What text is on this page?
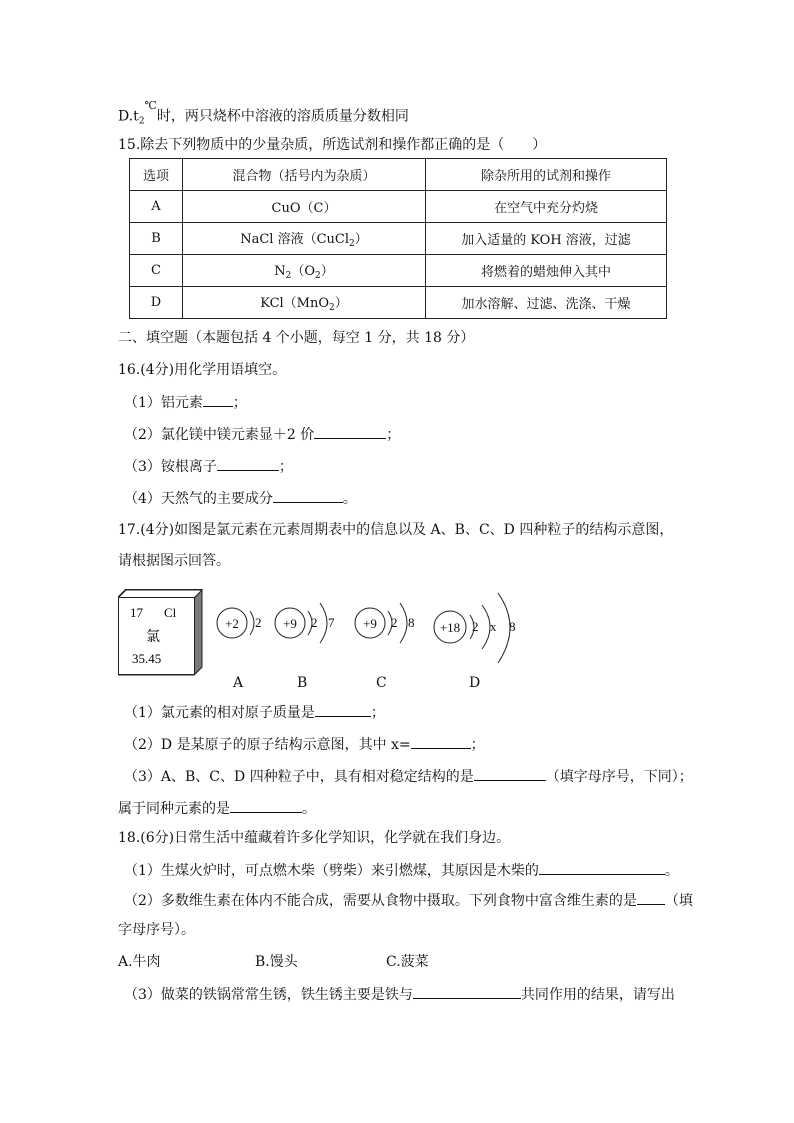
$D.t_2^℃$时，两只烧杯中溶液的溶质质量分数相同
15.除去下列物质中的少量杂质，所选试剂和操作都正确的是（　　）
选项	混合物（括号内为杂质）	除杂所用的试剂和操作
A	CuO（C）	在空气中充分灼烧
B	NaCl 溶液（CuCl$_2$）	加入适量的 KOH 溶液，过滤
C	$N_2(O_2)$	将燃着的蜡烛伸入其中
D	KCl（MnO$_2$）	加水溶解、过滤、洗涤、干燥
二、填空题（本题包括 4 个小题，每空 1 分，共 18 分）
16.(4分)用化学用语填空。
（1）铝元素 ；
（2）氯化镁中镁元素显＋2 价	；
（3）铵根离子	；
（4）天然气的主要成分	。
17.(4分)如图是氯元素在元素周期表中的信息以及 A、B、C、D 四种粒子的结构示意图，
请根据图示回答。
17 Cl
氯
35.45
+2 2 +9 2 7 +9 2 8 +18 2 x 8
A	B	C	D
（1）氯元素的相对原子质量是	；
（2）D 是某原子的原子结构示意图，其中 x=	；
（3）A、B、C、D 四种粒子中，具有相对稳定结构的是	（填字母序号，下同）；
属于同种元素的是	。
18.(6分)日常生活中蕴藏着许多化学知识，化学就在我们身边。
（1）生煤火炉时，可点燃木柴（劈柴）来引燃煤，其原因是木柴的	。
（2）多数维生素在体内不能合成，需要从食物中摄取。下列食物中富含维生素的是 （填
字母序号）。
A.牛肉	B.馒头	C.菠菜
（3）做菜的铁锅常常生锈，铁生锈主要是铁与	共同作用的结果，请写出
